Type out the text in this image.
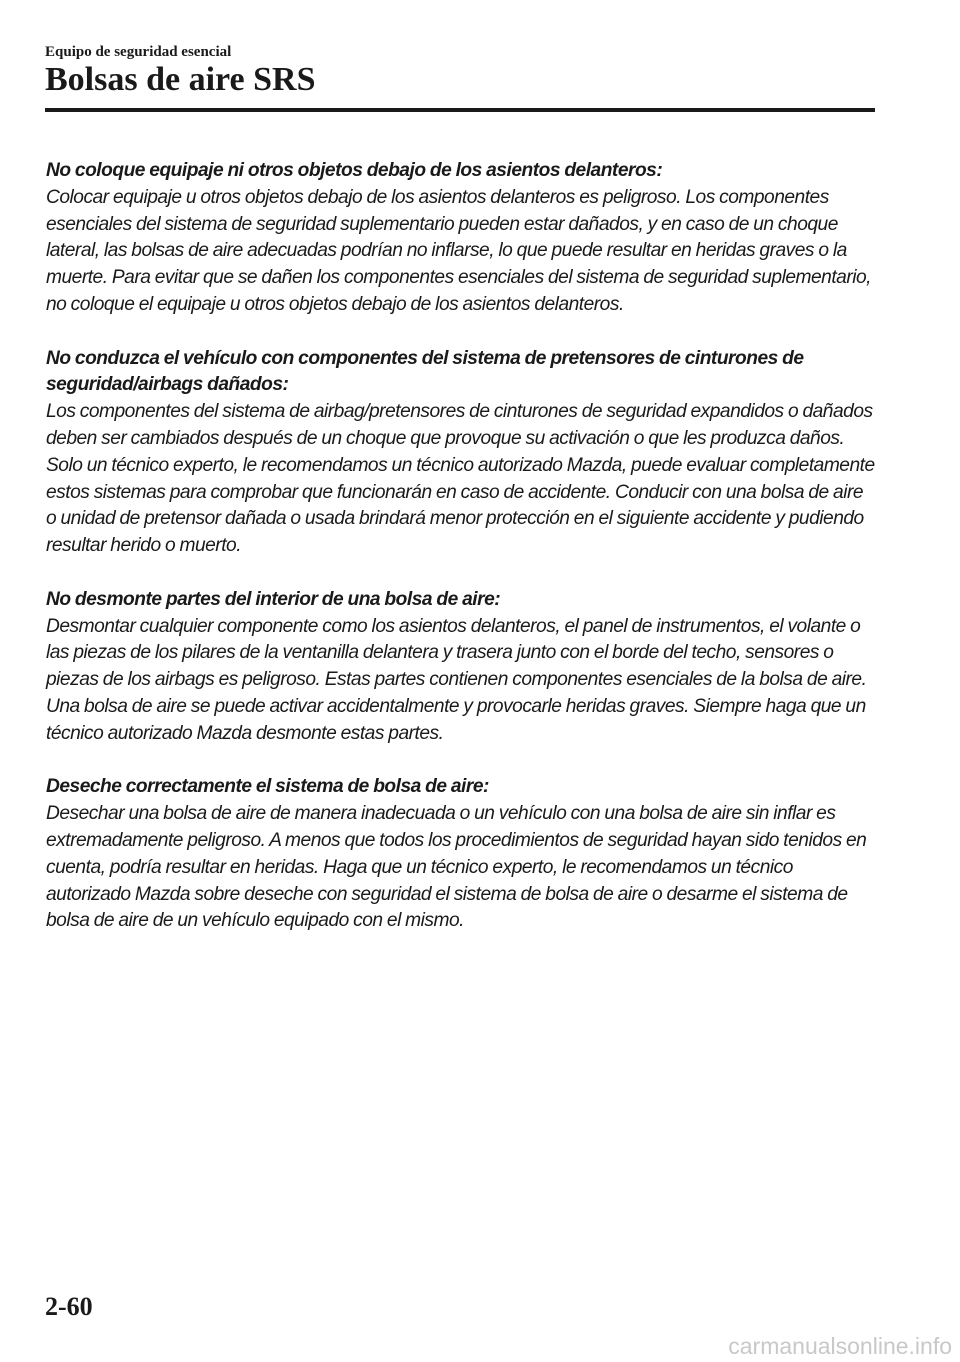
Equipo de seguridad esencial
Bolsas de aire SRS

No coloque equipaje ni otros objetos debajo de los asientos delanteros:

Colocar equipaje u otros objetos debajo de los asientos delanteros es peligroso. Los componentes esenciales del sistema de seguridad suplementario pueden estar dañados, y en caso de un choque lateral, las bolsas de aire adecuadas podrían no inflarse, lo que puede resultar en heridas graves o la muerte. Para evitar que se dañen los componentes esenciales del sistema de seguridad suplementario, no coloque el equipaje u otros objetos debajo de los asientos delanteros.

No conduzca el vehículo con componentes del sistema de pretensores de cinturones de seguridad/airbags dañados:

Los componentes del sistema de airbag/pretensores de cinturones de seguridad expandidos o dañados deben ser cambiados después de un choque que provoque su activación o que les produzca daños. Solo un técnico experto, le recomendamos un técnico autorizado Mazda, puede evaluar completamente estos sistemas para comprobar que funcionarán en caso de accidente. Conducir con una bolsa de aire o unidad de pretensor dañada o usada brindará menor protección en el siguiente accidente y pudiendo resultar herido o muerto.

No desmonte partes del interior de una bolsa de aire:

Desmontar cualquier componente como los asientos delanteros, el panel de instrumentos, el volante o las piezas de los pilares de la ventanilla delantera y trasera junto con el borde del techo, sensores o piezas de los airbags es peligroso. Estas partes contienen componentes esenciales de la bolsa de aire. Una bolsa de aire se puede activar accidentalmente y provocarle heridas graves. Siempre haga que un técnico autorizado Mazda desmonte estas partes.

Deseche correctamente el sistema de bolsa de aire:

Desechar una bolsa de aire de manera inadecuada o un vehículo con una bolsa de aire sin inflar es extremadamente peligroso. A menos que todos los procedimientos de seguridad hayan sido tenidos en cuenta, podría resultar en heridas. Haga que un técnico experto, le recomendamos un técnico autorizado Mazda sobre deseche con seguridad el sistema de bolsa de aire o desarme el sistema de bolsa de aire de un vehículo equipado con el mismo.

2-60
carmanualsonline.info
